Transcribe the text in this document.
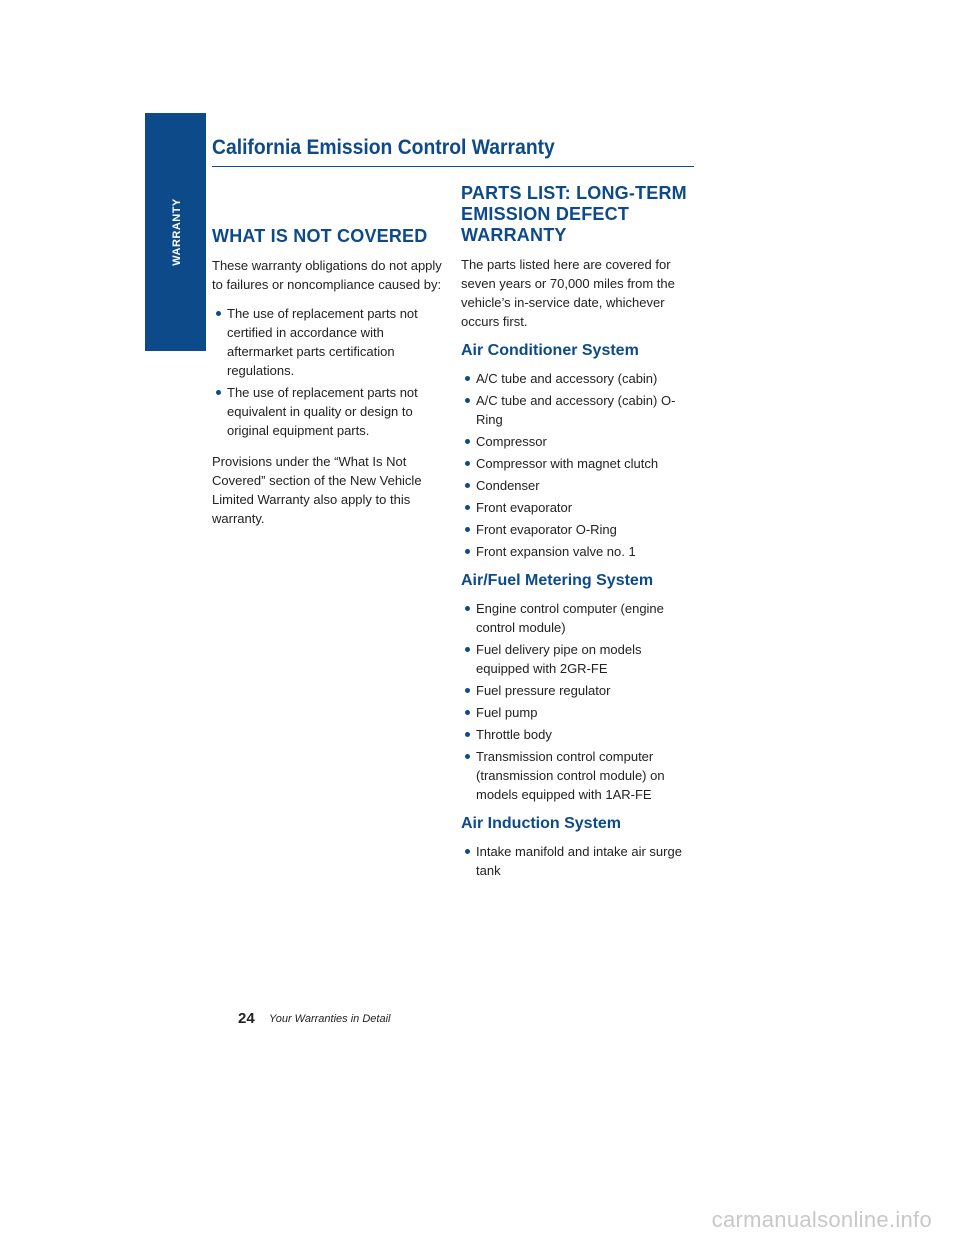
WARRANTY
California Emission Control Warranty
WHAT IS NOT COVERED

These warranty obligations do not apply to failures or noncompliance caused by:

The use of replacement parts not certified in accordance with aftermarket parts certification regulations.
The use of replacement parts not equivalent in quality or design to original equipment parts.

Provisions under the “What Is Not Covered” section of the New Vehicle Limited Warranty also apply to this warranty.

PARTS LIST: LONG-TERM EMISSION DEFECT WARRANTY

The parts listed here are covered for seven years or 70,000 miles from the vehicle’s in-service date, whichever occurs first.

Air Conditioner System
A/C tube and accessory (cabin)
A/C tube and accessory (cabin) O-Ring
Compressor
Compressor with magnet clutch
Condenser
Front evaporator
Front evaporator O-Ring
Front expansion valve no. 1
Air/Fuel Metering System
Engine control computer (engine control module)
Fuel delivery pipe on models equipped with 2GR-FE
Fuel pressure regulator
Fuel pump
Throttle body
Transmission control computer (transmission control module) on models equipped with 1AR-FE
Air Induction System
Intake manifold and intake air surge tank
24 Your Warranties in Detail
carmanualsonline.info
